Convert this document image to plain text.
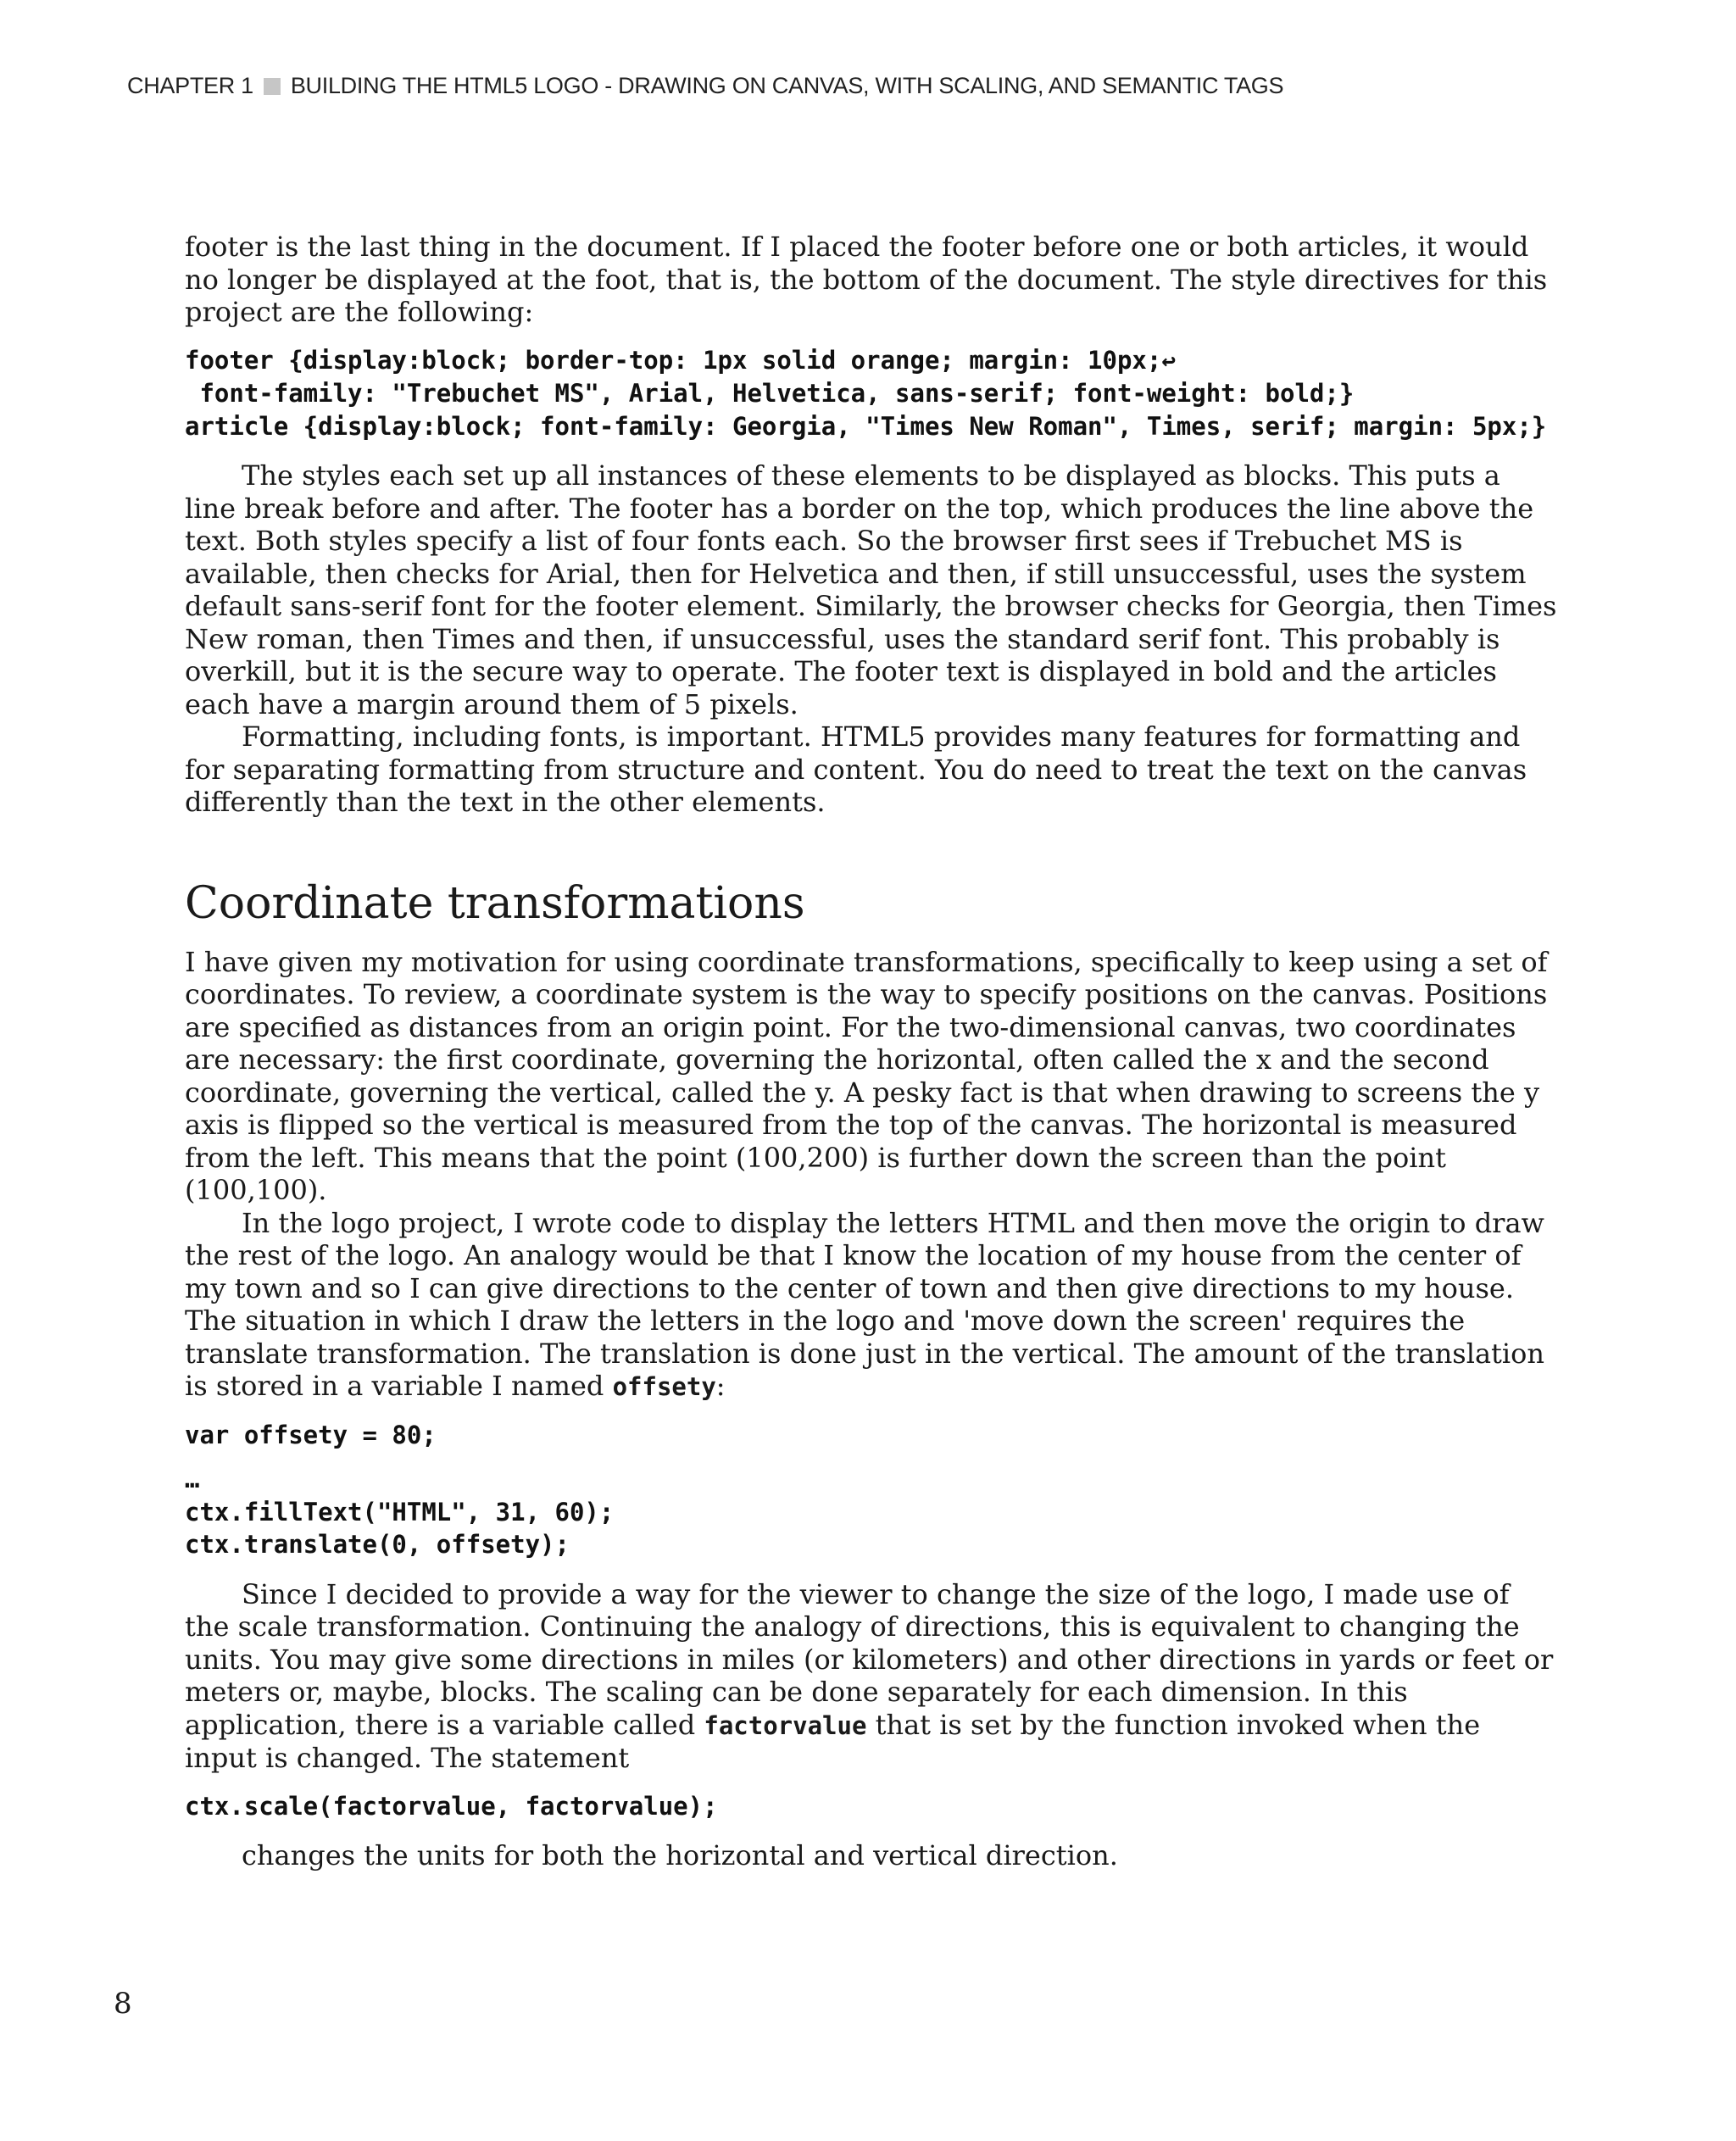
CHAPTER 1 BUILDING THE HTML5 LOGO - DRAWING ON CANVAS, WITH SCALING, AND SEMANTIC TAGS

footer is the last thing in the document. If I placed the footer before one or both articles, it would no longer be displayed at the foot, that is, the bottom of the document. The style directives for this project are the following:

footer {display:block; border-top: 1px solid orange; margin: 10px;↩
font-family: "Trebuchet MS", Arial, Helvetica, sans-serif; font-weight: bold;}
article {display:block; font-family: Georgia, "Times New Roman", Times, serif; margin: 5px;}

The styles each set up all instances of these elements to be displayed as blocks. This puts a line break before and after. The footer has a border on the top, which produces the line above the text. Both styles specify a list of four fonts each. So the browser first sees if Trebuchet MS is available, then checks for Arial, then for Helvetica and then, if still unsuccessful, uses the system default sans-serif font for the footer element. Similarly, the browser checks for Georgia, then Times New roman, then Times and then, if unsuccessful, uses the standard serif font. This probably is overkill, but it is the secure way to operate. The footer text is displayed in bold and the articles each have a margin around them of 5 pixels.

Formatting, including fonts, is important. HTML5 provides many features for formatting and for separating formatting from structure and content. You do need to treat the text on the canvas differently than the text in the other elements.

Coordinate transformations

I have given my motivation for using coordinate transformations, specifically to keep using a set of coordinates. To review, a coordinate system is the way to specify positions on the canvas. Positions are specified as distances from an origin point. For the two-dimensional canvas, two coordinates are necessary: the first coordinate, governing the horizontal, often called the x and the second coordinate, governing the vertical, called the y. A pesky fact is that when drawing to screens the y axis is flipped so the vertical is measured from the top of the canvas. The horizontal is measured from the left. This means that the point (100,200) is further down the screen than the point (100,100).

In the logo project, I wrote code to display the letters HTML and then move the origin to draw the rest of the logo. An analogy would be that I know the location of my house from the center of my town and so I can give directions to the center of town and then give directions to my house. The situation in which I draw the letters in the logo and 'move down the screen' requires the translate transformation. The translation is done just in the vertical. The amount of the translation is stored in a variable I named offsety:

var offsety = 80;
…
ctx.fillText("HTML", 31, 60);
ctx.translate(0, offsety);

Since I decided to provide a way for the viewer to change the size of the logo, I made use of the scale transformation. Continuing the analogy of directions, this is equivalent to changing the units. You may give some directions in miles (or kilometers) and other directions in yards or feet or meters or, maybe, blocks. The scaling can be done separately for each dimension. In this application, there is a variable called factorvalue that is set by the function invoked when the input is changed. The statement

ctx.scale(factorvalue, factorvalue);

changes the units for both the horizontal and vertical direction.

8
